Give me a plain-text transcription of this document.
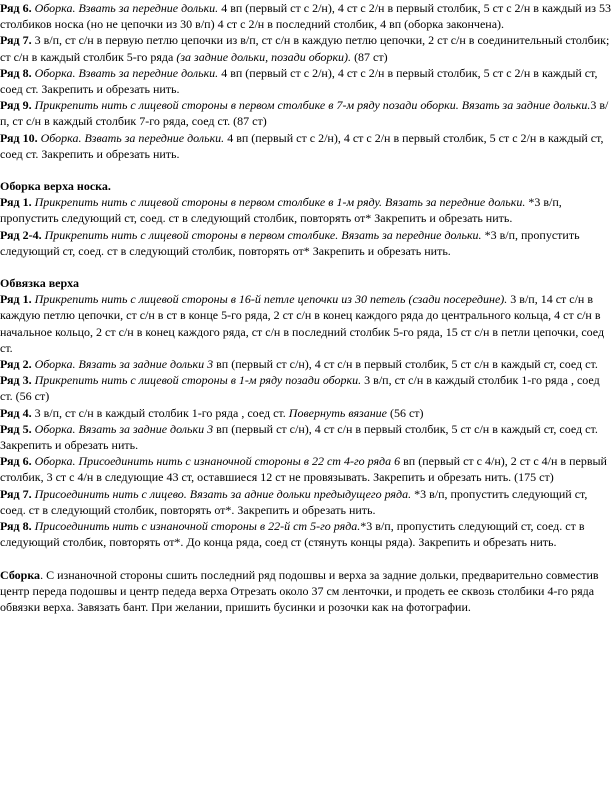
Ряд 6. Оборка. Взвать за передние дольки. 4 вп (первый ст с 2/н), 4 ст с 2/н в первый столбик, 5 ст с 2/н в каждый из 53 столбиков носка (но не цепочки из 30 в/п) 4 ст с 2/н в последний столбик, 4 вп (оборка закончена).

Ряд 7. 3 в/п, ст с/н в первую петлю цепочки из в/п, ст с/н в каждую петлю цепочки, 2 ст с/н в соединительный столбик; ст с/н в каждый столбик 5-го ряда (за задние дольки, позади оборки). (87 ст)

Ряд 8. Оборка. Взвать за передние дольки. 4 вп (первый ст с 2/н), 4 ст с 2/н в первый столбик, 5 ст с 2/н в каждый ст, соед ст. Закрепить и обрезать нить.

Ряд 9. Прикрепить нить с лицевой стороны в первом столбике в 7-м ряду позади оборки. Вязать за задние дольки.3 в/п, ст с/н в каждый столбик 7-го ряда, соед ст. (87 ст)

Ряд 10. Оборка. Взвать за передние дольки. 4 вп (первый ст с 2/н), 4 ст с 2/н в первый столбик, 5 ст с 2/н в каждый ст, соед ст. Закрепить и обрезать нить.

Оборка верха носка.

Ряд 1. Прикрепить нить с лицевой стороны в первом столбике в 1-м ряду. Вязать за передние дольки. *3 в/п, пропустить следующий ст, соед. ст в следующий столбик, повторять от* Закрепить и обрезать нить.

Ряд 2-4. Прикрепить нить с лицевой стороны в первом столбике. Вязать за передние дольки. *3 в/п, пропустить следующий ст, соед. ст в следующий столбик, повторять от* Закрепить и обрезать нить.

Обвязка верха

Ряд 1. Прикрепить нить с лицевой стороны в 16-й петле цепочки из 30 петель (сзади посередине). 3 в/п, 14 ст с/н в каждую петлю цепочки, ст с/н в ст в конце 5-го ряда, 2 ст с/н в конец каждого ряда до центрального кольца, 4 ст с/н в начальное кольцо, 2 ст с/н в конец каждого ряда, ст с/н в последний столбик 5-го ряда, 15 ст с/н в петли цепочки, соед ст.

Ряд 2. Оборка. Вязать за задние дольки 3 вп (первый ст с/н), 4 ст с/н в первый столбик, 5 ст с/н в каждый ст, соед ст.

Ряд 3. Прикрепить нить с лицевой стороны в 1-м ряду позади оборки. 3 в/п, ст с/н в каждый столбик 1-го ряда , соед ст. (56 ст)

Ряд 4. 3 в/п, ст с/н в каждый столбик 1-го ряда , соед ст. Повернуть вязание (56 ст)

Ряд 5. Оборка. Вязать за задние дольки 3 вп (первый ст с/н), 4 ст с/н в первый столбик, 5 ст с/н в каждый ст, соед ст. Закрепить и обрезать нить.

Ряд 6. Оборка. Присоединить нить с изнаночной стороны в 22 ст 4-го ряда 6 вп (первый ст с 4/н), 2 ст с 4/н в первый столбик, 3 ст с 4/н в следующие 43 ст, оставшиеся 12 ст не провязывать. Закрепить и обрезать нить. (175 ст)

Ряд 7. Присоединить нить с лицево. Вязать за адние дольки предыдущего ряда. *3 в/п, пропустить следующий ст, соед. ст в следующий столбик, повторять от*. Закрепить и обрезать нить.

Ряд 8. Присоединить нить с изнаночной стороны в 22-й ст 5-го ряда.*3 в/п, пропустить следующий ст, соед. ст в следующий столбик, повторять от*. До конца ряда, соед ст (стянуть концы ряда). Закрепить и обрезать нить.

Сборка. С изнаночной стороны сшить последний ряд подошвы и верха за задние дольки, предварительно совместив центр переда подошвы и центр педеда верха Отрезать около 37 см ленточки, и продеть ее сквозь столбики 4-го ряда обвязки верха. Завязать бант. При желании, пришить бусинки и розочки как на фотографии.
